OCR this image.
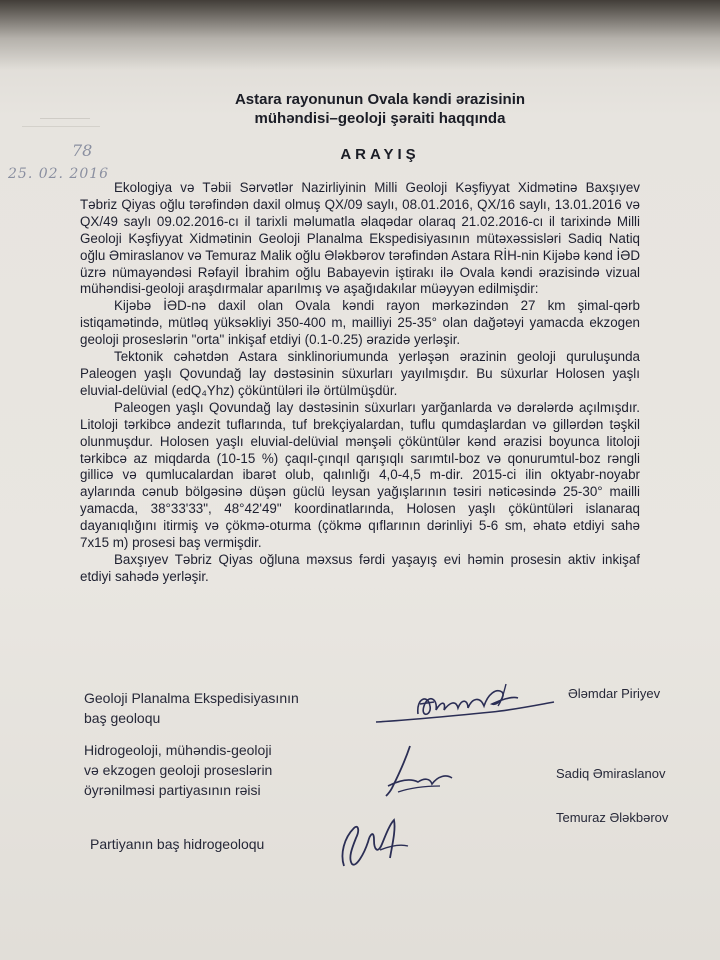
78
25. 02. 2016
Astara rayonunun Ovala kəndi ərazisinin
mühəndisi–geoloji şəraiti haqqında
ARAYIŞ

Ekologiya və Təbii Sərvətlər Nazirliyinin Milli Geoloji Kəşfiyyat Xidmətinə Baxşıyev Təbriz Qiyas oğlu tərəfindən daxil olmuş QX/09 saylı, 08.01.2016, QX/16 saylı, 13.01.2016 və QX/49 saylı 09.02.2016-cı il tarixli məlumatla əlaqədar olaraq 21.02.2016-cı il tarixində Milli Geoloji Kəşfiyyat Xidmətinin Geoloji Planalma Ekspedisiyasının mütəxəssisləri Sadiq Natiq oğlu Əmiraslanov və Temuraz Malik oğlu Ələkbərov tərəfindən Astara RİH-nin Kijəbə kənd İƏD üzrə nümayəndəsi Rəfayil İbrahim oğlu Babayevin iştirakı ilə Ovala kəndi ərazisində vizual mühəndisi-geoloji araşdırmalar aparılmış və aşağıdakılar müəyyən edilmişdir:

Kijəbə İƏD-nə daxil olan Ovala kəndi rayon mərkəzindən 27 km şimal-qərb istiqamətində, mütləq yüksəkliyi 350-400 m, mailliyi 25-35° olan dağətəyi yamacda ekzogen geoloji proseslərin "orta" inkişaf etdiyi (0.1-0.25) ərazidə yerləşir.

Tektonik cəhətdən Astara sinklinoriumunda yerləşən ərazinin geoloji quruluşunda Paleogen yaşlı Qovundağ lay dəstəsinin süxurları yayılmışdır. Bu süxurlar Holosen yaşlı eluvial-delüvial (edQ₄Yhz) çöküntüləri ilə örtülmüşdür.

Paleogen yaşlı Qovundağ lay dəstəsinin süxurları yarğanlarda və dərələrdə açılmışdır. Litoloji tərkibcə andezit tuflarında, tuf brekçiyalardan, tuflu qumdaşlardan və gillərdən təşkil olunmuşdur. Holosen yaşlı eluvial-delüvial mənşəli çöküntülər kənd ərazisi boyunca litoloji tərkibcə az miqdarda (10-15 %) çaqıl-çınqıl qarışıqlı sarımtıl-boz və qonurumtul-boz rəngli gillicə və qumlucalardan ibarət olub, qalınlığı 4,0-4,5 m-dir. 2015-ci ilin oktyabr-noyabr aylarında cənub bölgəsinə düşən güclü leysan yağışlarının təsiri nəticəsində 25-30° mailli yamacda, 38°33'33", 48°42'49" koordinatlarında, Holosen yaşlı çöküntüləri islanaraq dayanıqlığını itirmiş və çökmə-oturma (çökmə qıflarının dərinliyi 5-6 sm, əhatə etdiyi sahə 7x15 m) prosesi baş vermişdir.

Baxşıyev Təbriz Qiyas oğluna məxsus fərdi yaşayış evi həmin prosesin aktiv inkişaf etdiyi sahədə yerləşir.

Geoloji Planalma Ekspedisiyasının
baş geoloqu
Ələmdar Piriyev
Hidrogeoloji, mühəndis-geoloji
və ekzogen geoloji proseslərin
öyrənilməsi partiyasının rəisi
Sadiq Əmiraslanov
Partiyanın baş hidrogeoloqu
Temuraz Ələkbərov
